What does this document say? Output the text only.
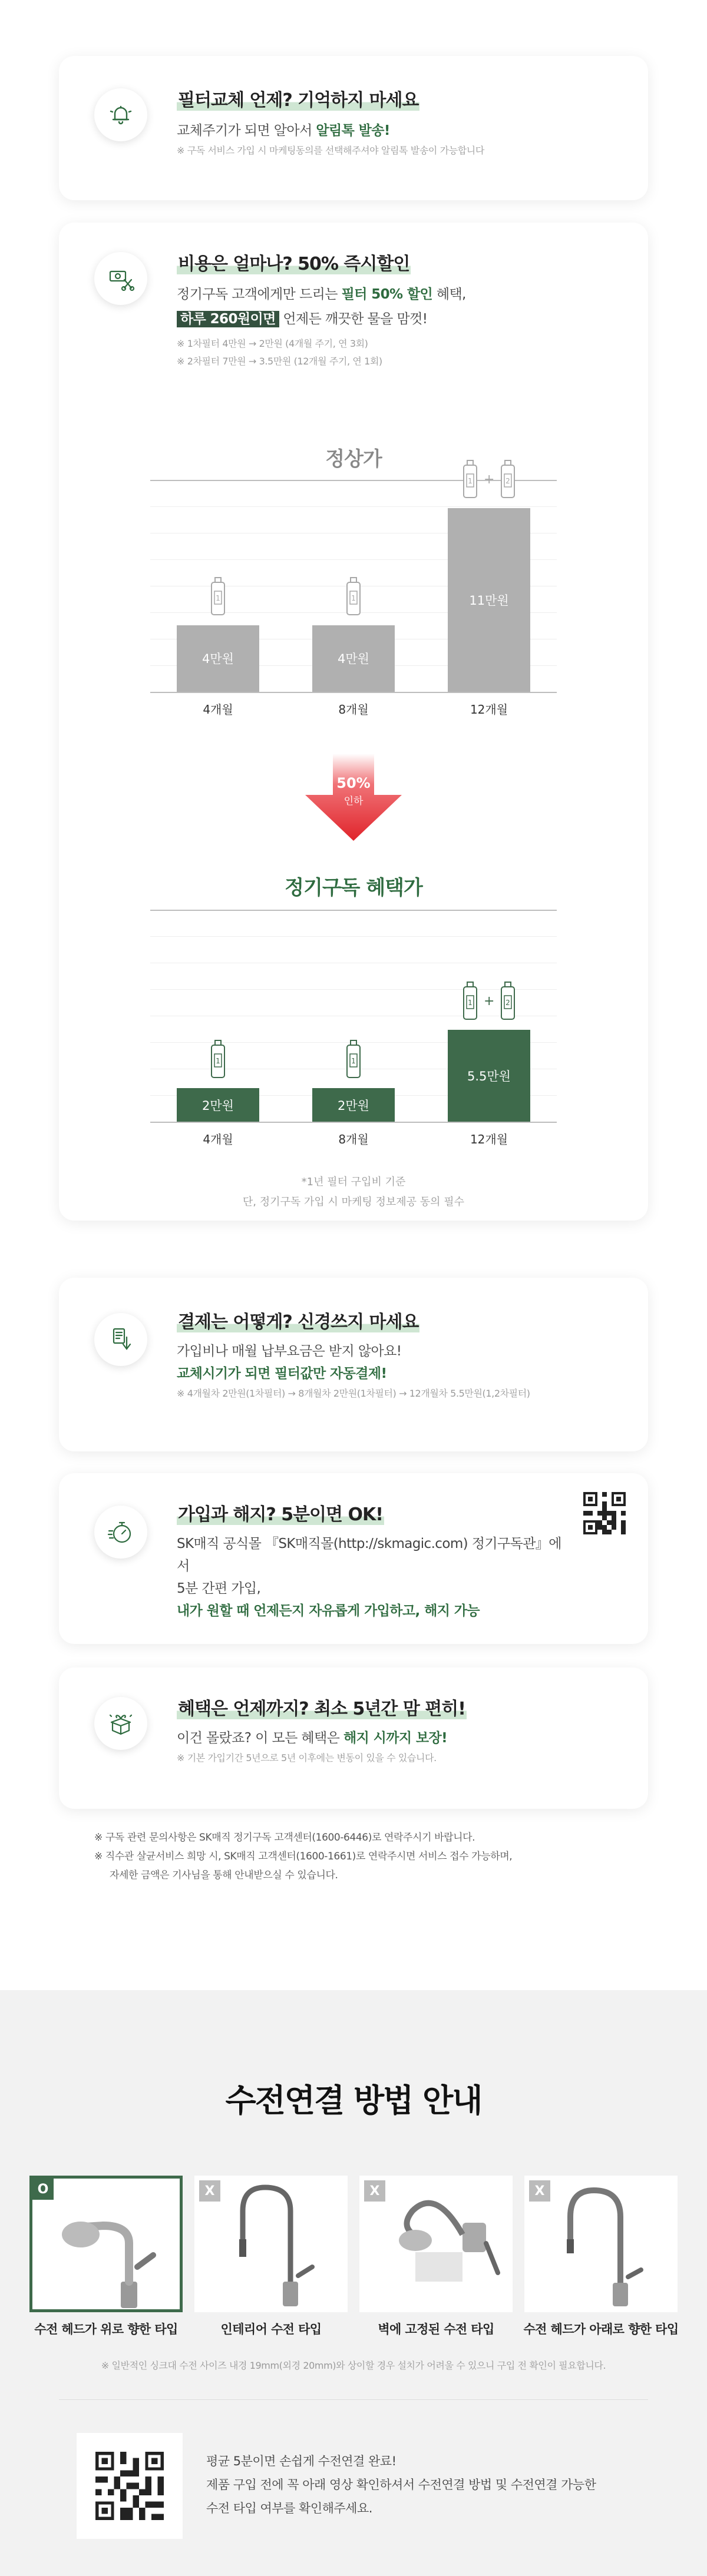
필터교체 언제? 기억하지 마세요
교체주기가 되면 알아서 알림톡 발송!
※ 구독 서비스 가입 시 마케팅동의를 선택해주셔야 알림톡 발송이 가능합니다
비용은 얼마나? 50% 즉시할인
정기구독 고객에게만 드리는 필터 50% 할인 혜택,
하루 260원이면 언제든 깨끗한 물을 맘껏!
※ 1차필터 4만원 → 2만원 (4개월 주기, 연 3회)
※ 2차필터 7만원 → 3.5만원 (12개월 주기, 연 1회)
정상가
4만원
1
4개월
4만원
1
8개월
11만원
1 + 2
12개월
50%
인하
정기구독 혜택가
2만원
1
4개월
2만원
1
8개월
5.5만원
1 + 2
12개월
*1년 필터 구입비 기준
단, 정기구독 가입 시 마케팅 정보제공 동의 필수
결제는 어떻게? 신경쓰지 마세요
가입비나 매월 납부요금은 받지 않아요!
교체시기가 되면 필터값만 자동결제!
※ 4개월차 2만원(1차필터) → 8개월차 2만원(1차필터) → 12개월차 5.5만원(1,2차필터)
가입과 해지? 5분이면 OK!
SK매직 공식몰 『SK매직몰(http://skmagic.com) 정기구독관』에서
5분 간편 가입,
내가 원할 때 언제든지 자유롭게 가입하고, 해지 가능
혜택은 언제까지? 최소 5년간 맘 편히!
이건 몰랐죠? 이 모든 혜택은 해지 시까지 보장!
※ 기본 가입기간 5년으로 5년 이후에는 변동이 있을 수 있습니다.
※ 구독 관련 문의사항은 SK매직 정기구독 고객센터(1600-6446)로 연락주시기 바랍니다.
※ 직수관 살균서비스 희망 시, SK매직 고객센터(1600-1661)로 연락주시면 서비스 접수 가능하며,
자세한 금액은 기사님을 통해 안내받으실 수 있습니다.
수전연결 방법 안내
O
수전 헤드가 위로 향한 타입
X
인테리어 수전 타입
X
벽에 고정된 수전 타입
X
수전 헤드가 아래로 향한 타입
※ 일반적인 싱크대 수전 사이즈 내경 19mm(외경 20mm)와 상이할 경우 설치가 어려울 수 있으니 구입 전 확인이 필요합니다.
평균 5분이면 손쉽게 수전연결 완료!
제품 구입 전에 꼭 아래 영상 확인하셔서 수전연결 방법 및 수전연결 가능한
수전 타입 여부를 확인해주세요.
